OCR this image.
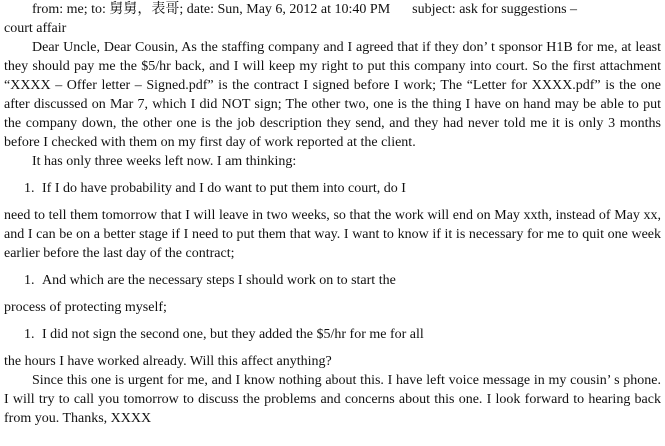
from: me; to: 舅舅，表哥; date: Sun, May 6, 2012 at 10:40 PM subject: ask for suggestions –

court affair

Dear Uncle, Dear Cousin, As the staffing company and I agreed that if they don’ t sponsor H1B for me, at least they should pay me the $5/hr back, and I will keep my right to put this company into court. So the first attachment “XXXX – Offer letter – Signed.pdf” is the contract I signed before I work; The “Letter for XXXX.pdf” is the one after discussed on Mar 7, which I did NOT sign; The other two, one is the thing I have on hand may be able to put the company down, the other one is the job description they send, and they had never told me it is only 3 months before I checked with them on my first day of work reported at the client.

It has only three weeks left now. I am thinking:

1. If I do have probability and I do want to put them into court, do I

need to tell them tomorrow that I will leave in two weeks, so that the work will end on May xxth, instead of May xx, and I can be on a better stage if I need to put them that way. I want to know if it is necessary for me to quit one week earlier before the last day of the contract;

1. And which are the necessary steps I should work on to start the

process of protecting myself;

1. I did not sign the second one, but they added the $5/hr for me for all

the hours I have worked already. Will this affect anything?

Since this one is urgent for me, and I know nothing about this. I have left voice message in my cousin’ s phone. I will try to call you tomorrow to discuss the problems and concerns about this one. I look forward to hearing back from you. Thanks, XXXX
